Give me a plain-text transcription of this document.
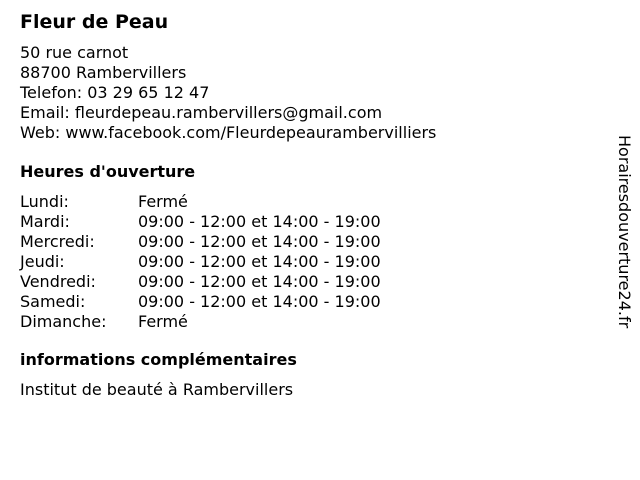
Fleur de Peau
50 rue carnot
88700 Rambervillers
Telefon: 03 29 65 12 47
Email: fleurdepeau.rambervillers@gmail.com
Web: www.facebook.com/Fleurdepeaurambervilliers
Heures d'ouverture
Lundi:	Fermé
Mardi:	09:00 - 12:00 et 14:00 - 19:00
Mercredi:	09:00 - 12:00 et 14:00 - 19:00
Jeudi:	09:00 - 12:00 et 14:00 - 19:00
Vendredi:	09:00 - 12:00 et 14:00 - 19:00
Samedi:	09:00 - 12:00 et 14:00 - 19:00
Dimanche:	Fermé
informations complémentaires
Institut de beauté à Rambervillers
Horairesdouverture24.fr
